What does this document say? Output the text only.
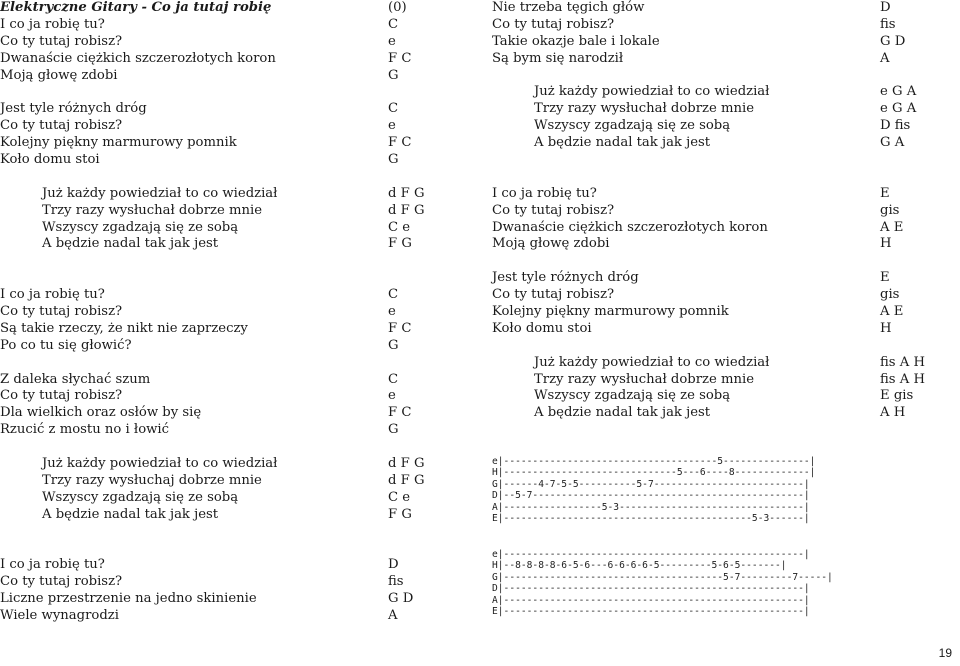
Elektryczne Gitary - Co ja tutaj robię	(0)
I co ja robię tu?	C
Co ty tutaj robisz?	e
Dwanaście ciężkich szczerozłotych koron	F C
Moją głowę zdobi	G
Jest tyle różnych dróg	C
Co ty tutaj robisz?	e
Kolejny piękny marmurowy pomnik	F C
Koło domu stoi	G
Już każdy powiedział to co wiedział	d F G
Trzy razy wysłuchał dobrze mnie	d F G
Wszyscy zgadzają się ze sobą	C e
A będzie nadal tak jak jest	F G
I co ja robię tu?	C
Co ty tutaj robisz?	e
Są takie rzeczy, że nikt nie zaprzeczy	F C
Po co tu się głowić?	G
Z daleka słychać szum	C
Co ty tutaj robisz?	e
Dla wielkich oraz osłów by się	F C
Rzucić z mostu no i łowić	G
Już każdy powiedział to co wiedział	d F G
Trzy razy wysłuchaj dobrze mnie	d F G
Wszyscy zgadzają się ze sobą	C e
A będzie nadal tak jak jest	F G
I co ja robię tu?	D
Co ty tutaj robisz?	fis
Liczne przestrzenie na jedno skinienie	G D
Wiele wynagrodzi	A
Nie trzeba tęgich głów	D
Co ty tutaj robisz?	fis
Takie okazje bale i lokale	G D
Są bym się narodził	A
Już każdy powiedział to co wiedział	e G A
Trzy razy wysłuchał dobrze mnie	e G A
Wszyscy zgadzają się ze sobą	D fis
A będzie nadal tak jak jest	G A
I co ja robię tu?	E
Co ty tutaj robisz?	gis
Dwanaście ciężkich szczerozłotych koron	A E
Moją głowę zdobi	H
Jest tyle różnych dróg	E
Co ty tutaj robisz?	gis
Kolejny piękny marmurowy pomnik	A E
Koło domu stoi	H
Już każdy powiedział to co wiedział	fis A H
Trzy razy wysłuchał dobrze mnie	fis A H
Wszyscy zgadzają się ze sobą	E gis
A będzie nadal tak jak jest	A H
e|-------------------------------------5---------------|
H|------------------------------5---6----8-------------|
G|------4-7-5-5----------5-7--------------------------|
D|--5-7-----------------------------------------------|
A|-----------------5-3--------------------------------|
E|-------------------------------------------5-3------|
e|----------------------------------------------------|
H|--8-8-8-8-6-5-6---6-6-6-6-5---------5-6-5-------|
G|--------------------------------------5-7---------7-----|
D|----------------------------------------------------|
A|----------------------------------------------------|
E|----------------------------------------------------|
19
